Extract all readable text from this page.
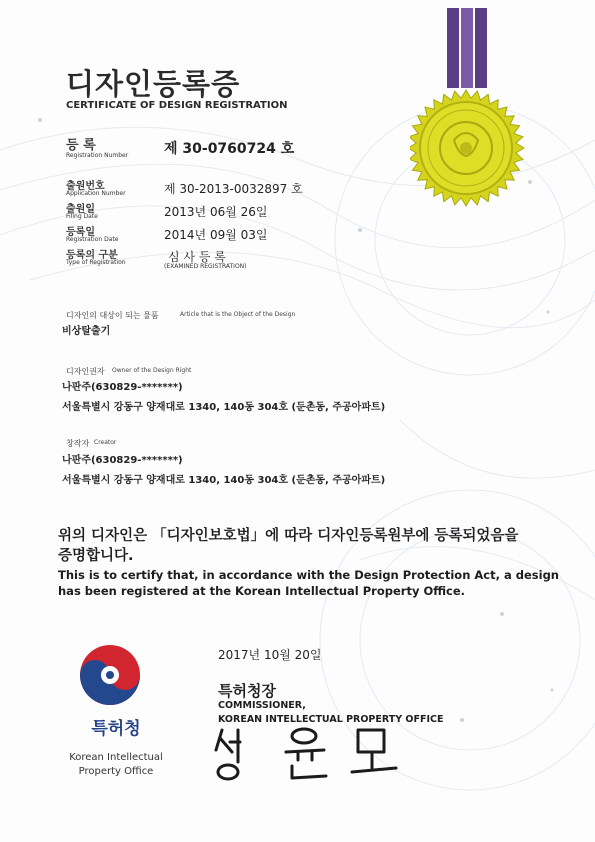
디자인등록증
CERTIFICATE OF DESIGN REGISTRATION
등 록
Registration Number	제 30-0760724 호
출원번호
Application Number	제 30-2013-0032897 호
출원일
Filing Date	2013년 06월 26일
등록일
Registration Date	2014년 09월 03일
등록의 구분
Type of Registration	심 사 등 록
(EXAMINED REGISTRATION)
디자인의 대상이 되는 물품	Article that is the Object of the Design
비상탈출기
디자인권자 Owner of the Design Right
나판주(630829-*******)
서울특별시 강동구 양재대로 1340, 140동 304호 (둔촌동, 주공아파트)
창작자 Creator
나판주(630829-*******)
서울특별시 강동구 양재대로 1340, 140동 304호 (둔촌동, 주공아파트)
위의 디자인은 「디자인보호법」에 따라 디자인등록원부에 등록되었음을
증명합니다.
This is to certify that, in accordance with the Design Protection Act, a design
has been registered at the Korean Intellectual Property Office.
2017년 10월 20일
특허청장
COMMISSIONER,
KOREAN INTELLECTUAL PROPERTY OFFICE
특허청
Korean Intellectual
Property Office
